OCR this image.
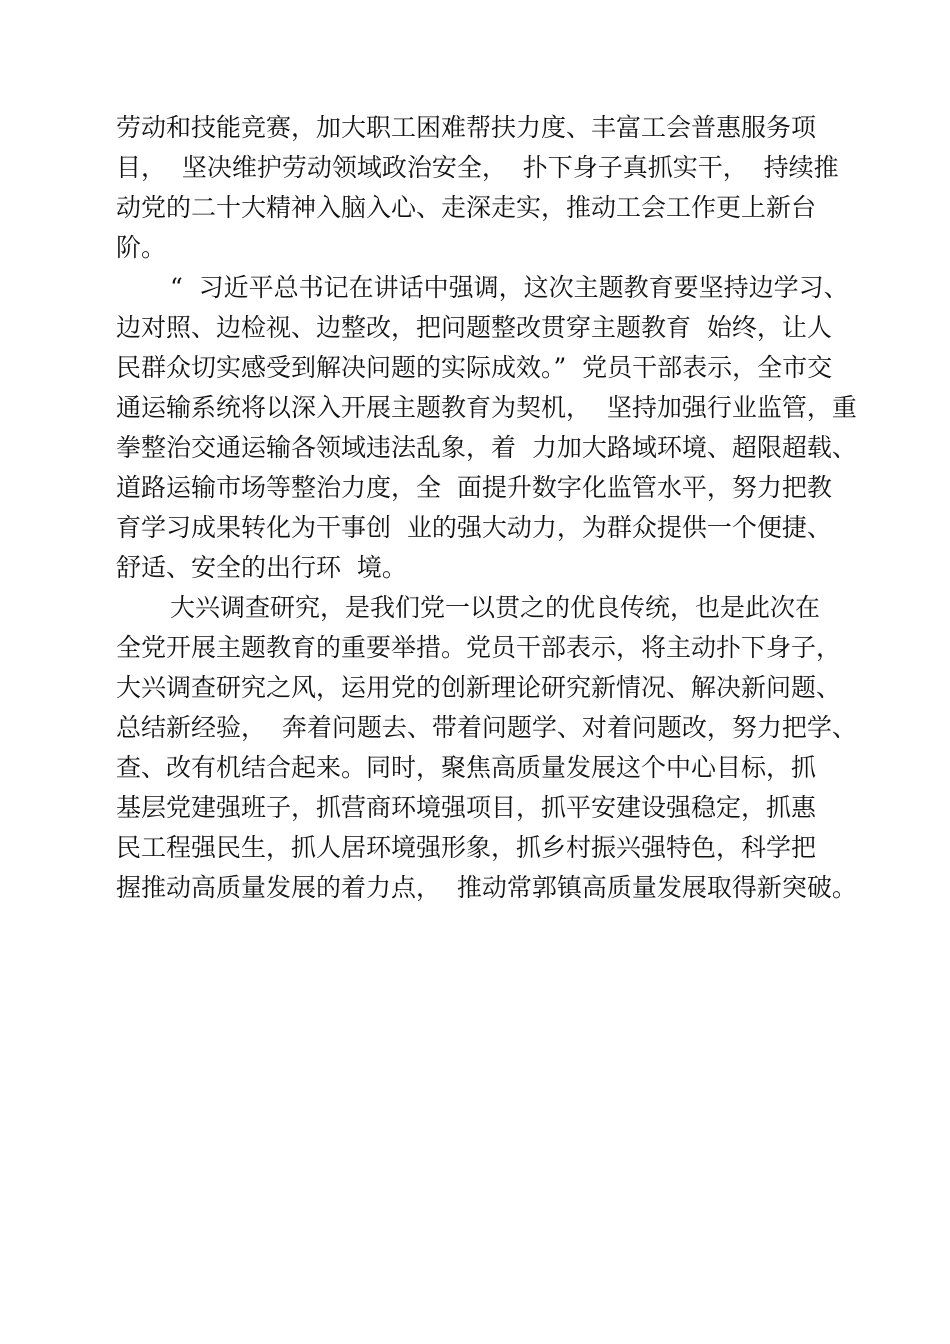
劳动和技能竞赛，加大职工困难帮扶力度、丰富工会普惠服务项
目，  坚决维护劳动领域政治安全，  扑下身子真抓实干，  持续推
动党的二十大精神入脑入心、走深走实，推动工会工作更上新台
阶。
“  习近平总书记在讲话中强调，这次主题教育要坚持边学习、
边对照、边检视、边整改，把问题整改贯穿主题教育  始终，让人
民群众切实感受到解决问题的实际成效。”  党员干部表示，全市交
通运输系统将以深入开展主题教育为契机，  坚持加强行业监管，重
拳整治交通运输各领域违法乱象，着  力加大路域环境、超限超载、
道路运输市场等整治力度，全  面提升数字化监管水平，努力把教
育学习成果转化为干事创  业的强大动力，为群众提供一个便捷、
舒适、安全的出行环  境。
大兴调查研究，是我们党一以贯之的优良传统，也是此次在
全党开展主题教育的重要举措。党员干部表示，将主动扑下身子，
大兴调查研究之风，运用党的创新理论研究新情况、解决新问题、
总结新经验，  奔着问题去、带着问题学、对着问题改，努力把学、
查、改有机结合起来。同时，聚焦高质量发展这个中心目标，抓
基层党建强班子，抓营商环境强项目，抓平安建设强稳定，抓惠
民工程强民生，抓人居环境强形象，抓乡村振兴强特色，科学把
握推动高质量发展的着力点，  推动常郭镇高质量发展取得新突破。
